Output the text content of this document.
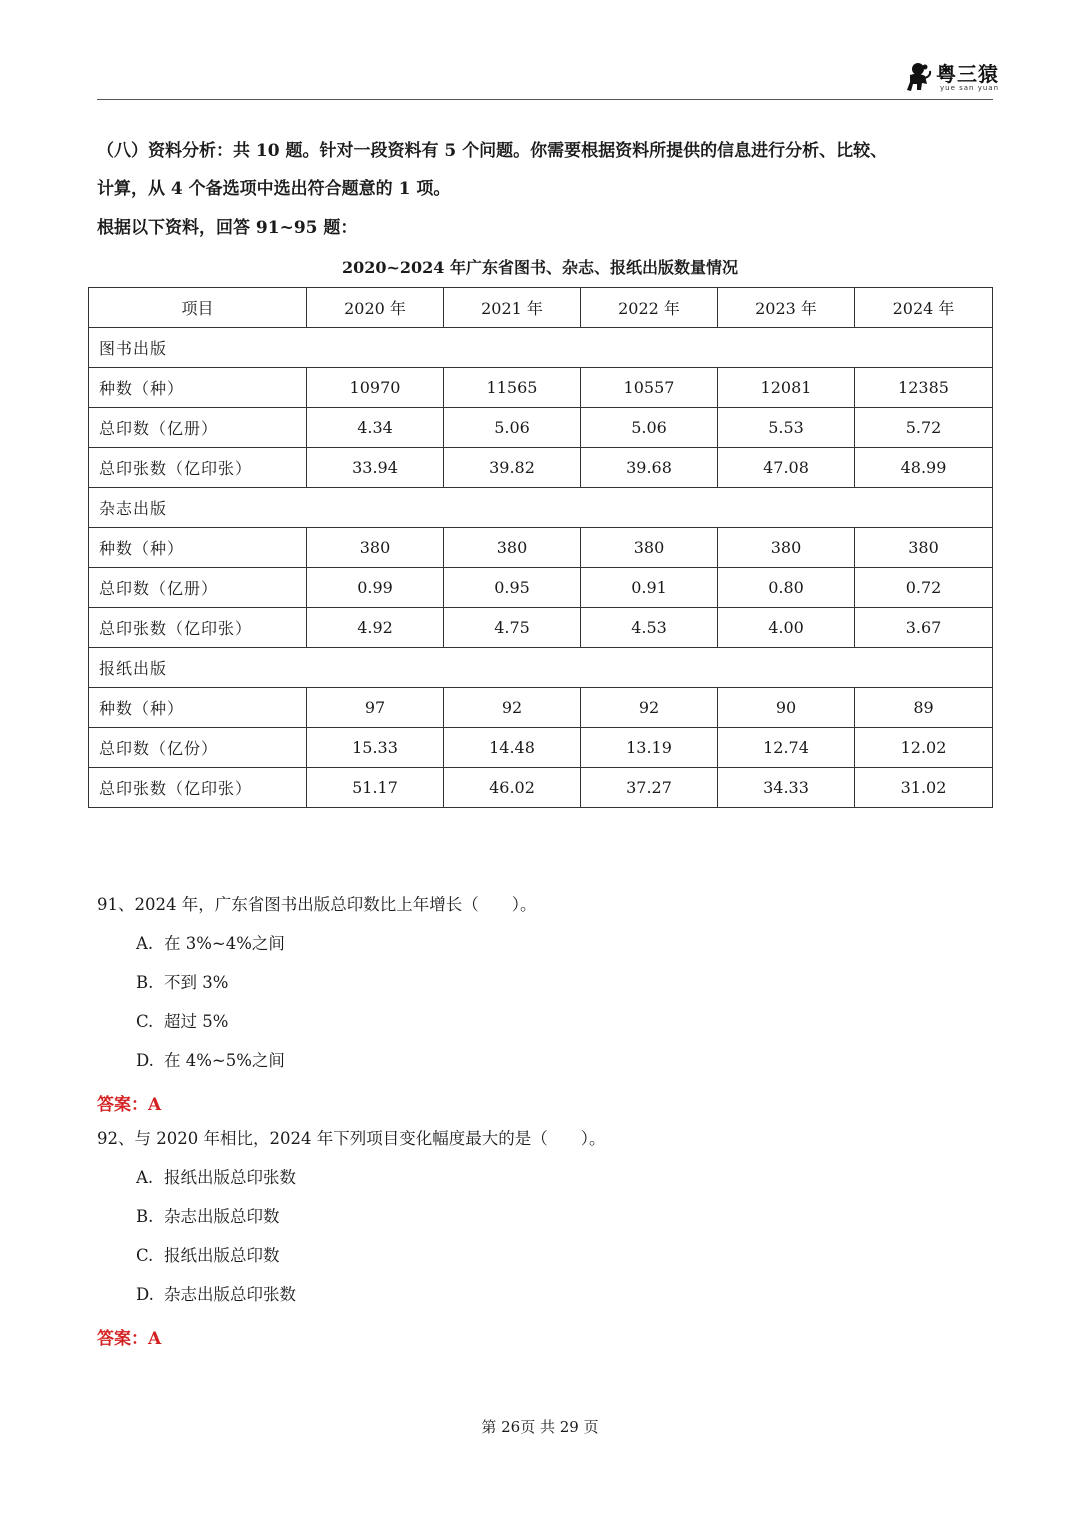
粤三猿
yue san yuan

（八）资料分析：共 10 题。针对一段资料有 5 个问题。你需要根据资料所提供的信息进行分析、比较、

计算，从 4 个备选项中选出符合题意的 1 项。

根据以下资料，回答 91~95 题：
2020~2024 年广东省图书、杂志、报纸出版数量情况
项目	2020 年	2021 年	2022 年	2023 年	2024 年
图书出版					
种数（种）	10970	11565	10557	12081	12385
总印数（亿册）	4.34	5.06	5.06	5.53	5.72
总印张数（亿印张）	33.94	39.82	39.68	47.08	48.99
杂志出版					
种数（种）	380	380	380	380	380
总印数（亿册）	0.99	0.95	0.91	0.80	0.72
总印张数（亿印张）	4.92	4.75	4.53	4.00	3.67
报纸出版					
种数（种）	97	92	92	90	89
总印数（亿份）	15.33	14.48	13.19	12.74	12.02
总印张数（亿印张）	51.17	46.02	37.27	34.33	31.02
91、2024 年，广东省图书出版总印数比上年增长（　　）。
A. 在 3%~4%之间
B. 不到 3%
C. 超过 5%
D. 在 4%~5%之间
答案：A
92、与 2020 年相比，2024 年下列项目变化幅度最大的是（　　）。
A. 报纸出版总印张数
B. 杂志出版总印数
C. 报纸出版总印数
D. 杂志出版总印张数
答案：A
第 26页 共 29 页
